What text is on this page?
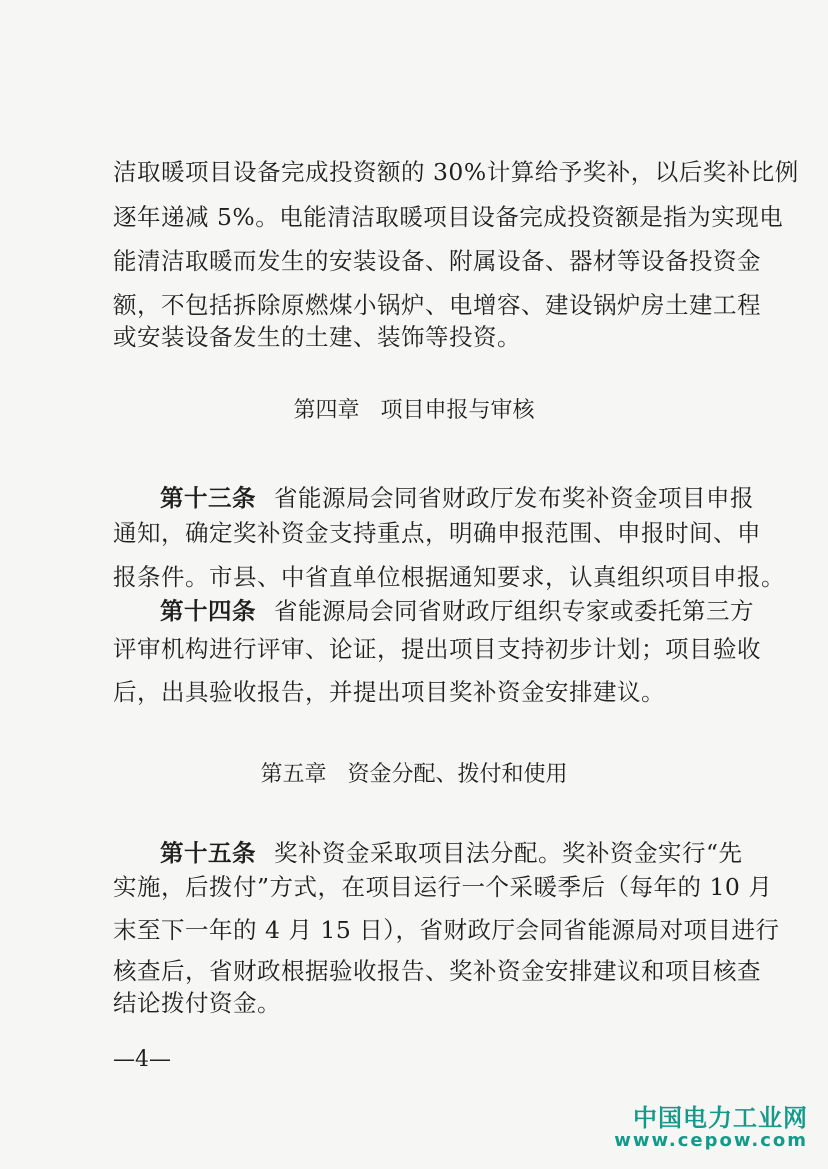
洁取暖项目设备完成投资额的 30%计算给予奖补，以后奖补比例
逐年递减 5%。电能清洁取暖项目设备完成投资额是指为实现电
能清洁取暖而发生的安装设备、附属设备、器材等设备投资金
额，不包括拆除原燃煤小锅炉、电增容、建设锅炉房土建工程
或安装设备发生的土建、装饰等投资。
第四章   项目申报与审核
第十三条 省能源局会同省财政厅发布奖补资金项目申报
通知，确定奖补资金支持重点，明确申报范围、申报时间、申
报条件。市县、中省直单位根据通知要求，认真组织项目申报。
第十四条 省能源局会同省财政厅组织专家或委托第三方
评审机构进行评审、论证，提出项目支持初步计划；项目验收
后，出具验收报告，并提出项目奖补资金安排建议。
第五章   资金分配、拨付和使用
第十五条 奖补资金采取项目法分配。奖补资金实行“先
实施，后拨付”方式，在项目运行一个采暖季后（每年的 10 月
末至下一年的 4 月 15 日），省财政厅会同省能源局对项目进行
核查后，省财政根据验收报告、奖补资金安排建议和项目核查
结论拨付资金。
—4—
中国电力工业网
www.cepow.com
